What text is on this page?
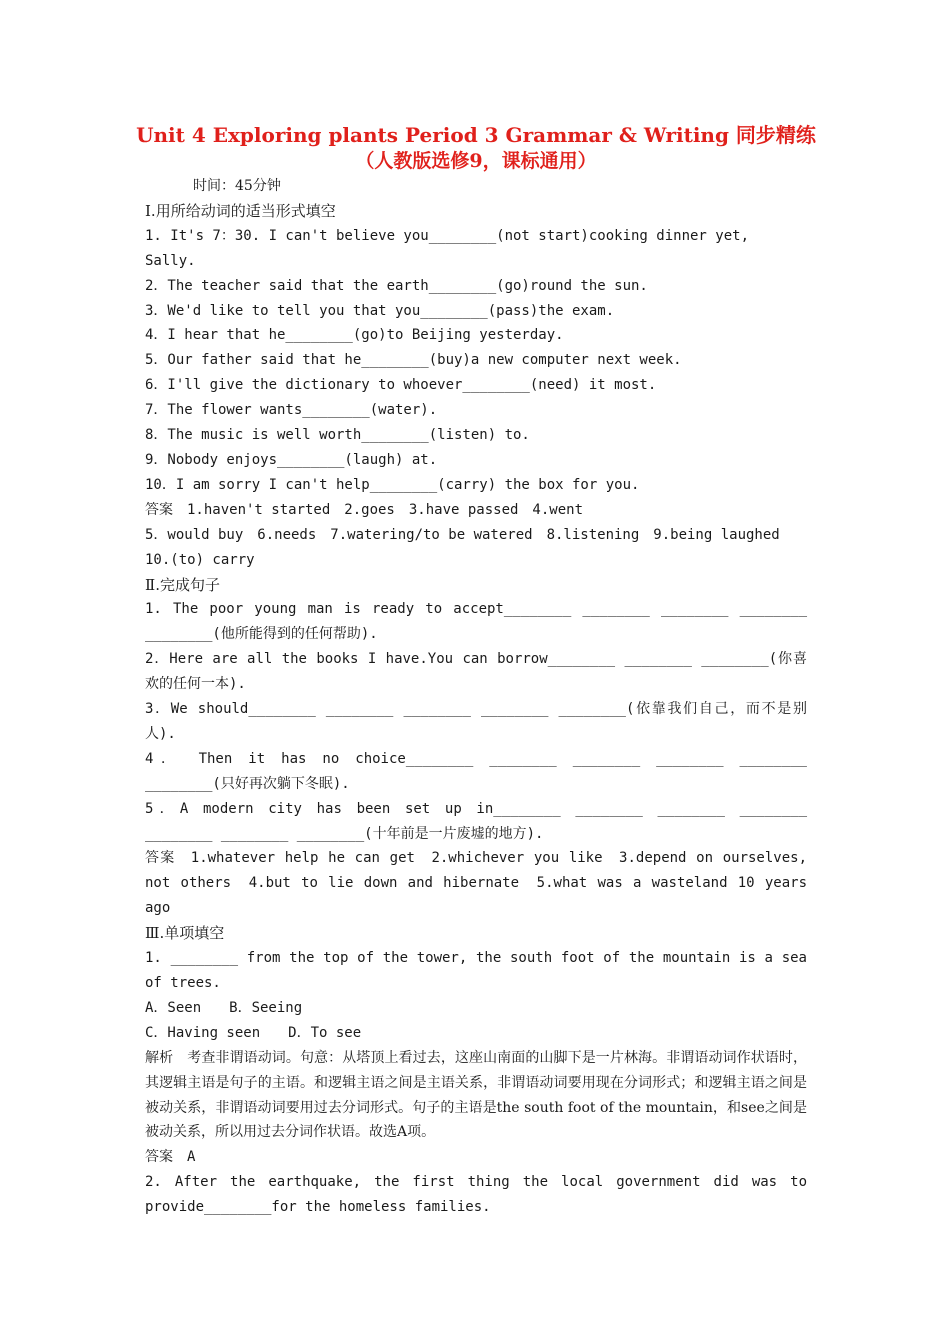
Unit 4 Exploring plants Period 3 Grammar & Writing 同步精练
（人教版选修9，课标通用）
时间：45分钟
Ⅰ.用所给动词的适当形式填空
1. It's 7：30. I can't believe you________(not start)cooking dinner yet, Sally.
2．The teacher said that the earth________(go)round the sun.
3．We'd like to tell you that you________(pass)the exam.
4．I hear that he________(go)to Beijing yesterday.
5．Our father said that he________(buy)a new computer next week.
6．I'll give the dictionary to whoever________(need) it most.
7．The flower wants________(water).
8．The music is well worth________(listen) to.
9．Nobody enjoys________(laugh) at.
10．I am sorry I can't help________(carry) the box for you.
答案　1.haven't started　2.goes　3.have passed　4.went
5．would buy　6.needs　7.watering/to be watered　8.listening　9.being laughed
10.(to) carry
Ⅱ.完成句子
1. The poor young man is ready to accept________ ________ ________ ________ ________(他所能得到的任何帮助).
2．Here are all the books I have.You can borrow________ ________ ________(你喜欢的任何一本).
3．We should________ ________ ________ ________ ________(依靠我们自己，而不是别人).
4． Then it has no choice________ ________ ________ ________ ________ ________(只好再次躺下冬眠).
5．A modern city has been set up in________ ________ ________ ________ ________ ________ ________(十年前是一片废墟的地方).
答案　1.whatever help he can get　2.whichever you like　3.depend on ourselves, not others　4.but to lie down and hibernate　5.what was a wasteland 10 years ago
Ⅲ.单项填空
1. ________ from the top of the tower, the south foot of the mountain is a sea of trees.
A．Seen　　B．Seeing
C．Having seen　　D．To see
解析　考查非谓语动词。句意：从塔顶上看过去，这座山南面的山脚下是一片林海。非谓语动词作状语时，其逻辑主语是句子的主语。和逻辑主语之间是主语关系，非谓语动词要用现在分词形式；和逻辑主语之间是被动关系，非谓语动词要用过去分词形式。句子的主语是the south foot of the mountain，和see之间是被动关系，所以用过去分词作状语。故选A项。
答案　A
2. After the earthquake, the first thing the local government did was to provide________for the homeless families.
